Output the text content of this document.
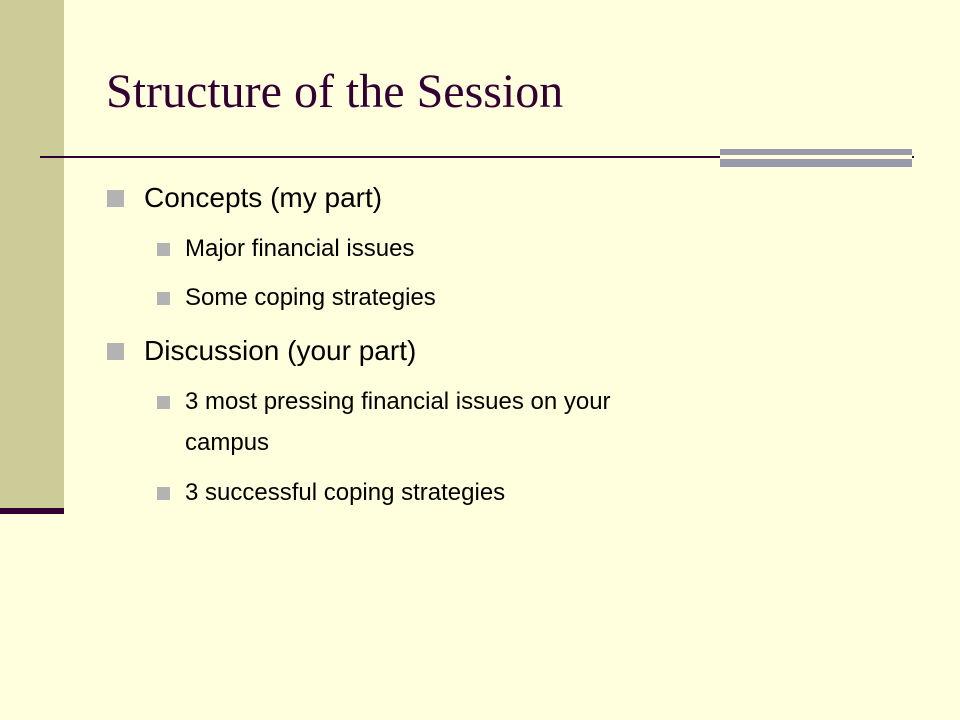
Structure of the Session
Concepts (my part)
Major financial issues
Some coping strategies
Discussion (your part)
3 most pressing financial issues on your
campus
3 successful coping strategies
